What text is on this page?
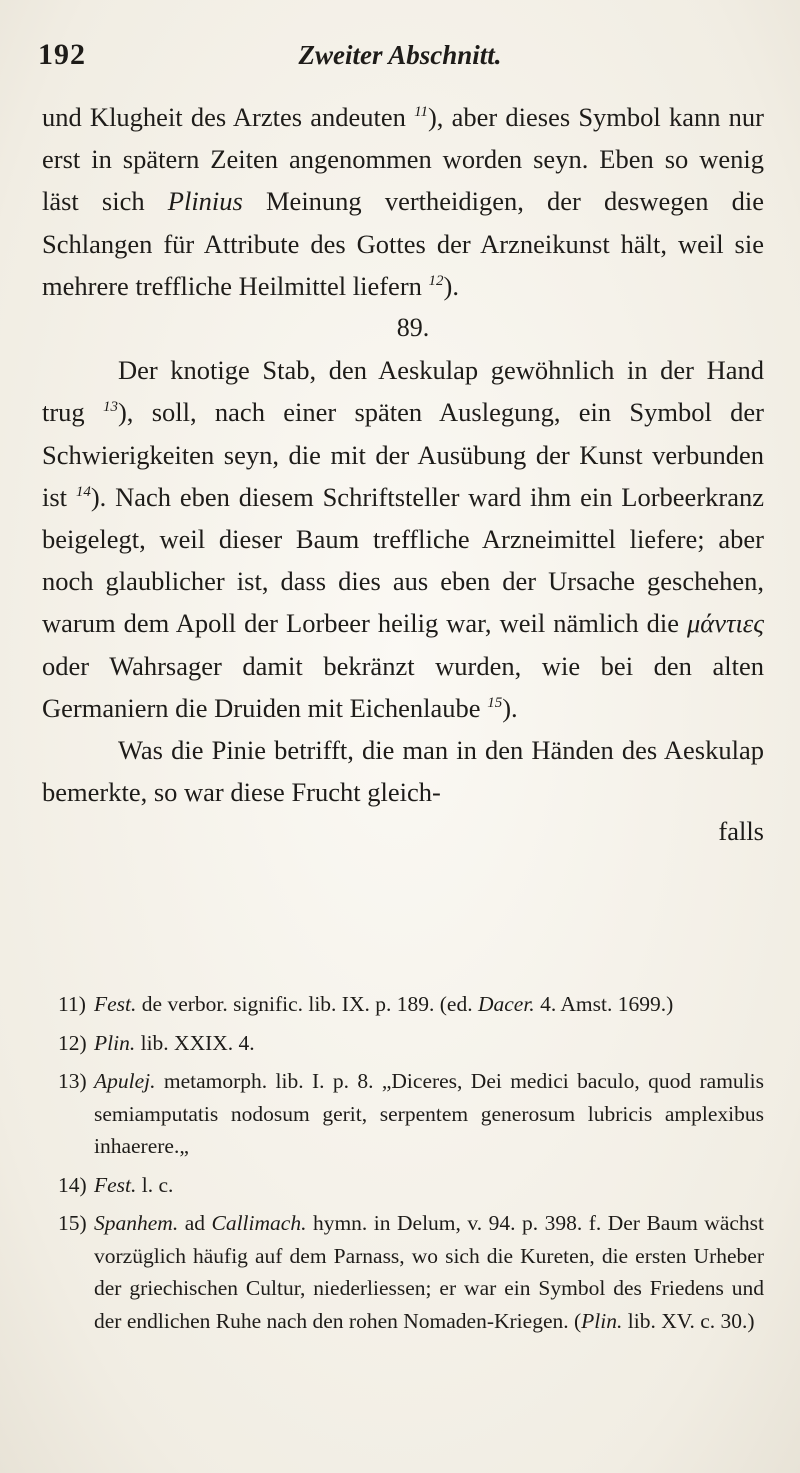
192	Zweiter Abschnitt.

und Klugheit des Arztes andeuten $^{11}$), aber dieses Symbol kann nur erst in spätern Zeiten angenommen worden seyn. Eben so wenig läst sich Plinius Meinung vertheidigen, der deswegen die Schlangen für Attribute des Gottes der Arzneikunst hält, weil sie mehrere treffliche Heilmittel liefern $^{12}$).

89.

Der knotige Stab, den Aeskulap gewöhnlich in der Hand trug $^{13}$), soll, nach einer späten Auslegung, ein Symbol der Schwierigkeiten seyn, die mit der Ausübung der Kunst verbunden ist $^{14}$). Nach eben diesem Schriftsteller ward ihm ein Lorbeerkranz beigelegt, weil dieser Baum treffliche Arzneimittel liefere; aber noch glaublicher ist, dass dies aus eben der Ursache geschehen, warum dem Apoll der Lorbeer heilig war, weil nämlich die μάντιες oder Wahrsager damit bekränzt wurden, wie bei den alten Germaniern die Druiden mit Eichenlaube $^{15}$).

Was die Pinie betrifft, die man in den Händen des Aeskulap bemerkte, so war diese Frucht gleich-

falls

11) Fest. de verbor. signific. lib. IX. p. 189. (ed. Dacer. 4. Amst. 1699.)

12) Plin. lib. XXIX. 4.

13) Apulej. metamorph. lib. I. p. 8. „Diceres, Dei medici baculo, quod ramulis semiamputatis nodosum gerit, serpentem generosum lubricis amplexibus inhaerere.„

14) Fest. l. c.

15) Spanhem. ad Callimach. hymn. in Delum, v. 94. p. 398. f. Der Baum wächst vorzüglich häufig auf dem Parnass, wo sich die Kureten, die ersten Urheber der griechischen Cultur, niederliessen; er war ein Symbol des Friedens und der endlichen Ruhe nach den rohen Nomaden-Kriegen. (Plin. lib. XV. c. 30.)
